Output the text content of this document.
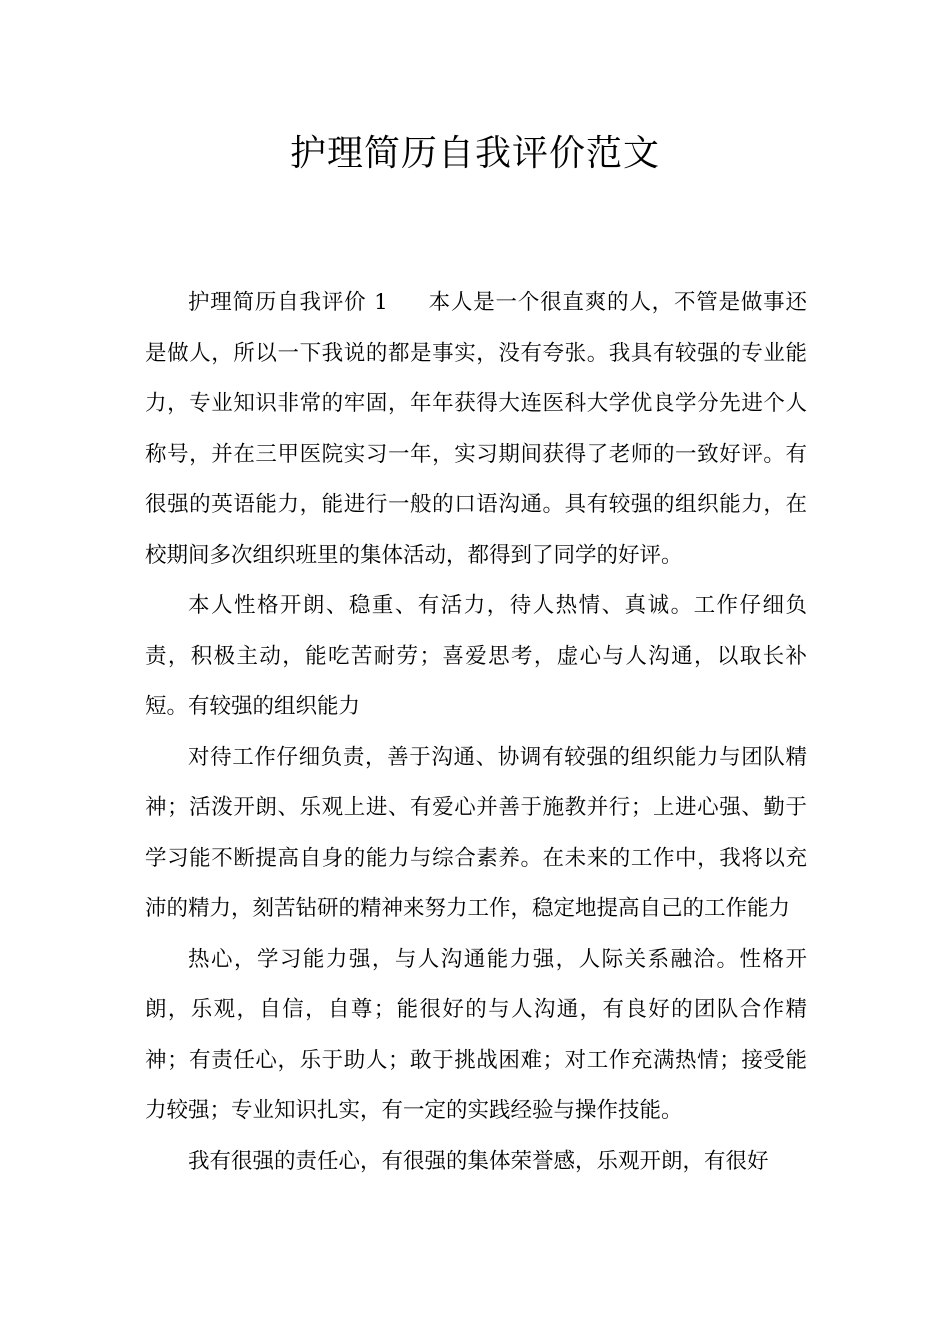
护理简历自我评价范文

护理简历自我评价 1 本人是一个很直爽的人，不管是做事还是做人，所以一下我说的都是事实，没有夸张。我具有较强的专业能力，专业知识非常的牢固，年年获得大连医科大学优良学分先进个人称号，并在三甲医院实习一年，实习期间获得了老师的一致好评。有很强的英语能力，能进行一般的口语沟通。具有较强的组织能力，在校期间多次组织班里的集体活动，都得到了同学的好评。

本人性格开朗、稳重、有活力，待人热情、真诚。工作仔细负责，积极主动，能吃苦耐劳；喜爱思考，虚心与人沟通，以取长补短。有较强的组织能力

对待工作仔细负责，善于沟通、协调有较强的组织能力与团队精神；活泼开朗、乐观上进、有爱心并善于施教并行；上进心强、勤于学习能不断提高自身的能力与综合素养。在未来的工作中，我将以充沛的精力，刻苦钻研的精神来努力工作，稳定地提高自己的工作能力

热心，学习能力强，与人沟通能力强，人际关系融洽。性格开朗，乐观，自信，自尊；能很好的与人沟通，有良好的团队合作精神；有责任心，乐于助人；敢于挑战困难；对工作充满热情；接受能力较强；专业知识扎实，有一定的实践经验与操作技能。

我有很强的责任心，有很强的集体荣誉感，乐观开朗，有很好
